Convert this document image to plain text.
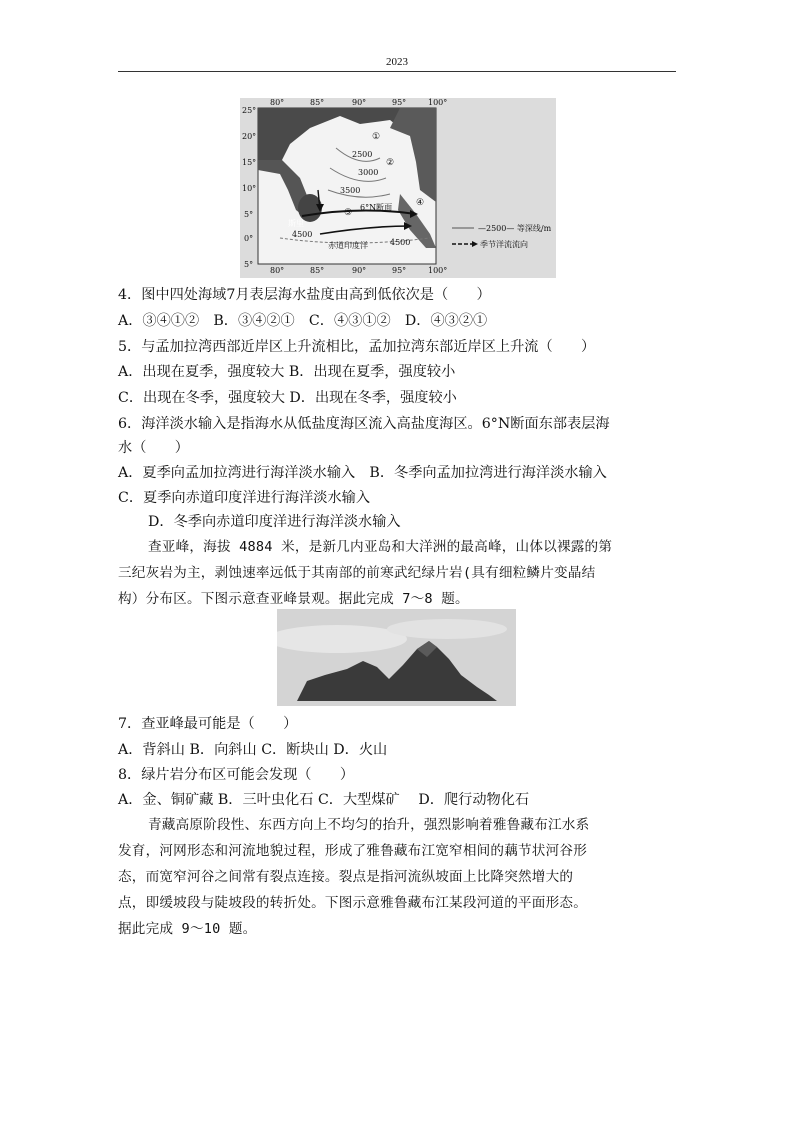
2023
80°	85°	90°	95°	100°
80°	85°	90°	95°	100°
25°
20°
15°
10°
5°
0°
5°
2500
3000
3500
4500
4500
斯里
赤道印度洋
6°N断面
①
②
③
④
—2500— 等深线/m
季节洋流流向
4．图中四处海域7月表层海水盐度由高到低依次是（　　）
A．③④①②　B．③④②①　C．④③①②　D．④③②①
5．与孟加拉湾西部近岸区上升流相比，孟加拉湾东部近岸区上升流（　　）
A．出现在夏季，强度较大 B．出现在夏季，强度较小
C．出现在冬季，强度较大 D．出现在冬季，强度较小
6．海洋淡水输入是指海水从低盐度海区流入高盐度海区。6°N断面东部表层海
水（　　）
A．夏季向孟加拉湾进行海洋淡水输入　B．冬季向孟加拉湾进行海洋淡水输入
C．夏季向赤道印度洋进行海洋淡水输入
D．冬季向赤道印度洋进行海洋淡水输入
查亚峰，海拔 4884 米，是新几内亚岛和大洋洲的最高峰，山体以裸露的第
三纪灰岩为主，剥蚀速率远低于其南部的前寒武纪绿片岩(具有细粒鳞片变晶结
构）分布区。下图示意查亚峰景观。据此完成 7～8 题。
7．查亚峰最可能是（　　）
A．背斜山 B．向斜山 C．断块山 D．火山
8．绿片岩分布区可能会发现（　　）
A．金、铜矿藏 B．三叶虫化石 C．大型煤矿　 D．爬行动物化石
青藏高原阶段性、东西方向上不均匀的抬升，强烈影响着雅鲁藏布江水系
发育，河网形态和河流地貌过程，形成了雅鲁藏布江宽窄相间的藕节状河谷形
态，而宽窄河谷之间常有裂点连接。裂点是指河流纵坡面上比降突然增大的
点，即缓坡段与陡坡段的转折处。下图示意雅鲁藏布江某段河道的平面形态。
据此完成 9～10 题。
